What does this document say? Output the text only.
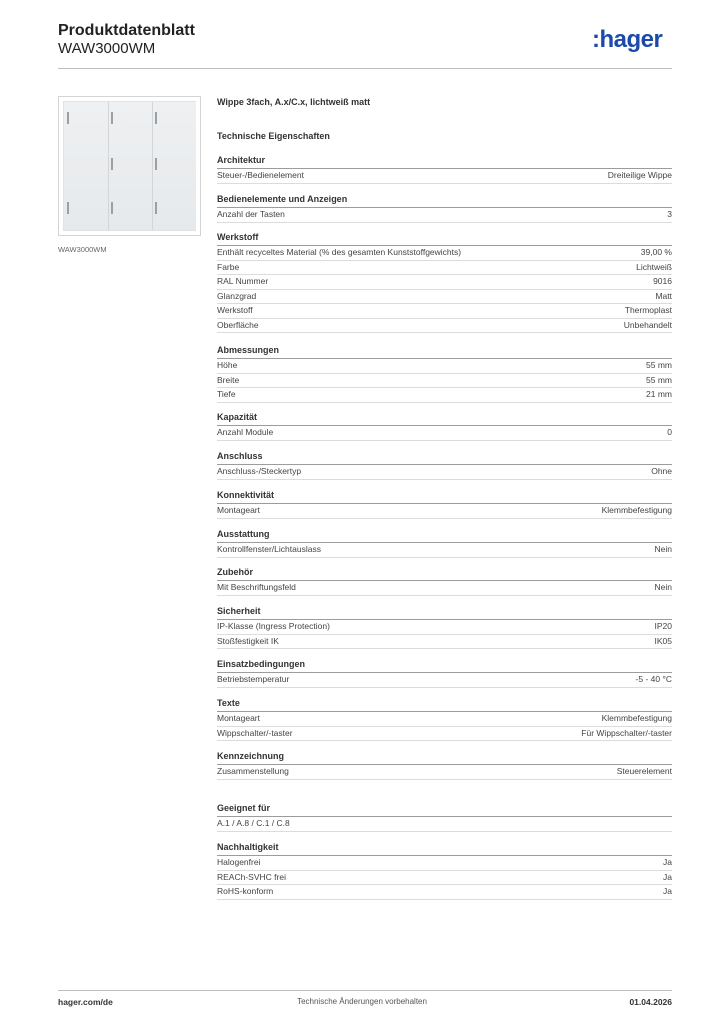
Produktdatenblatt
WAW3000WM	:hager
WAW3000WM
Wippe 3fach, A.x/C.x, lichtweiß matt
Technische Eigenschaften
Architektur
Steuer-/Bedienelement	Dreiteilige Wippe
Bedienelemente und Anzeigen
Anzahl der Tasten	3
Werkstoff
Enthält recyceltes Material (% des gesamten Kunststoffgewichts)	39,00 %
Farbe	Lichtweiß
RAL Nummer	9016
Glanzgrad	Matt
Werkstoff	Thermoplast
Oberfläche	Unbehandelt
Abmessungen
Höhe	55 mm
Breite	55 mm
Tiefe	21 mm
Kapazität
Anzahl Module	0
Anschluss
Anschluss-/Steckertyp	Ohne
Konnektivität
Montageart	Klemmbefestigung
Ausstattung
Kontrollfenster/Lichtauslass	Nein
Zubehör
Mit Beschriftungsfeld	Nein
Sicherheit
IP-Klasse (Ingress Protection)	IP20
Stoßfestigkeit IK	IK05
Einsatzbedingungen
Betriebstemperatur	-5 - 40 °C
Texte
Montageart	Klemmbefestigung
Wippschalter/-taster	Für Wippschalter/-taster
Kennzeichnung
Zusammenstellung	Steuerelement
Geeignet für
A.1 / A.8 / C.1 / C.8
Nachhaltigkeit
Halogenfrei	Ja
REACh-SVHC frei	Ja
RoHS-konform	Ja
hager.com/de	Technische Änderungen vorbehalten	01.04.2026
